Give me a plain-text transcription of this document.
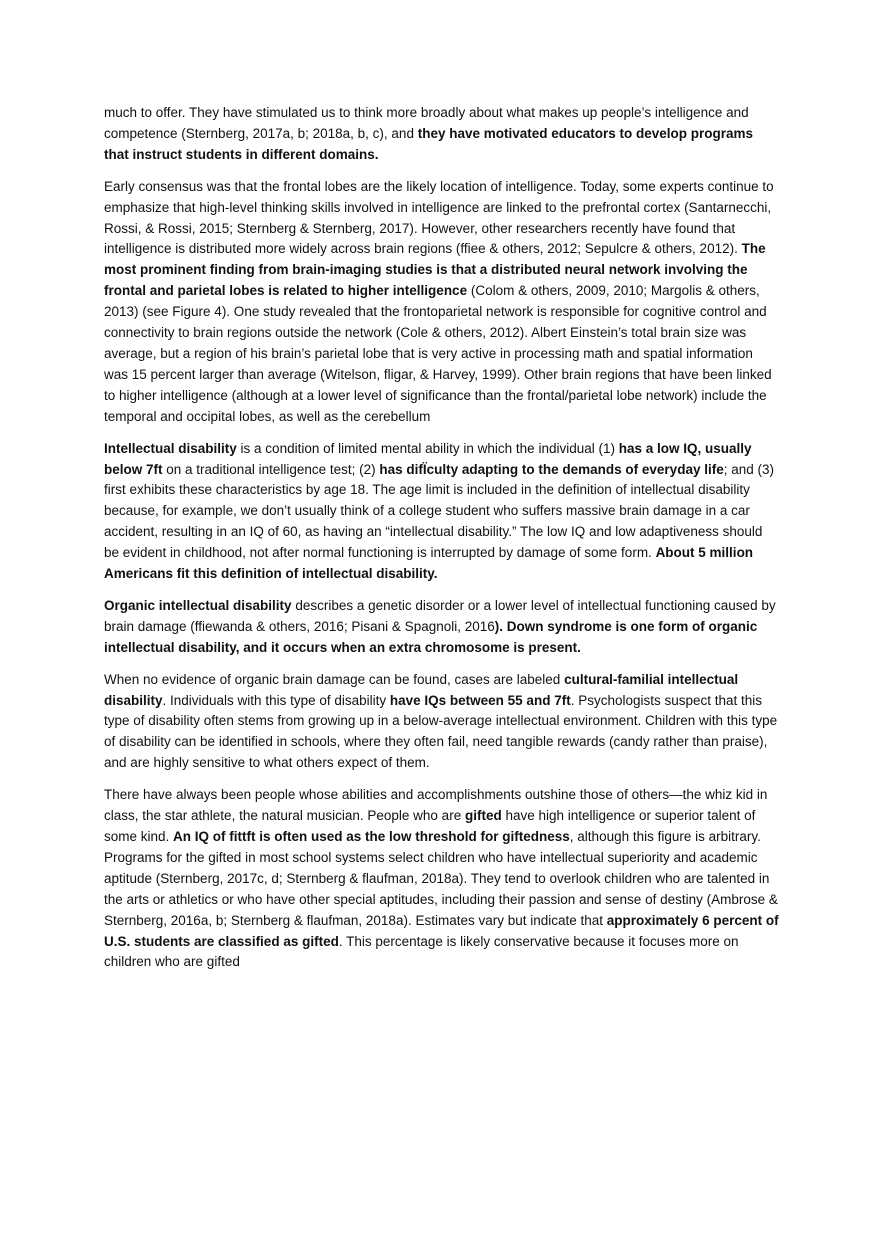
much to offer. They have stimulated us to think more broadly about what makes up people’s intelligence and competence (Sternberg, 2017a, b; 2018a, b, c), and they have motivated educators to develop programs that instruct students in different domains.

Early consensus was that the frontal lobes are the likely location of intelligence. Today, some experts continue to emphasize that high-level thinking skills involved in intelligence are linked to the prefrontal cortex (Santarnecchi, Rossi, & Rossi, 2015; Sternberg & Sternberg, 2017). However, other researchers recently have found that intelligence is distributed more widely across brain regions (ffiee & others, 2012; Sepulcre & others, 2012). The most prominent finding from brain-imaging studies is that a distributed neural network involving the frontal and parietal lobes is related to higher intelligence (Colom & others, 2009, 2010; Margolis & others, 2013) (see Figure 4). One study revealed that the frontoparietal network is responsible for cognitive control and connectivity to brain regions outside the network (Cole & others, 2012). Albert Einstein’s total brain size was average, but a region of his brain’s parietal lobe that is very active in processing math and spatial information was 15 percent larger than average (Witelson, fligar, & Harvey, 1999). Other brain regions that have been linked to higher intelligence (although at a lower level of significance than the frontal/parietal lobe network) include the temporal and occipital lobes, as well as the cerebellum

Intellectual disability is a condition of limited mental ability in which the individual (1) has a low IQ, usually below 7ft on a traditional intelligence test; (2) has difÏculty adapting to the demands of everyday life; and (3) first exhibits these characteristics by age 18. The age limit is included in the definition of intellectual disability because, for example, we don’t usually think of a college student who suffers massive brain damage in a car accident, resulting in an IQ of 60, as having an “intellectual disability.” The low IQ and low adaptiveness should be evident in childhood, not after normal functioning is interrupted by damage of some form. About 5 million Americans fit this definition of intellectual disability.

Organic intellectual disability describes a genetic disorder or a lower level of intellectual functioning caused by brain damage (ffiewanda & others, 2016; Pisani & Spagnoli, 2016). Down syndrome is one form of organic intellectual disability, and it occurs when an extra chromosome is present.

When no evidence of organic brain damage can be found, cases are labeled cultural-familial intellectual disability. Individuals with this type of disability have IQs between 55 and 7ft. Psychologists suspect that this type of disability often stems from growing up in a below-average intellectual environment. Children with this type of disability can be identified in schools, where they often fail, need tangible rewards (candy rather than praise), and are highly sensitive to what others expect of them.

There have always been people whose abilities and accomplishments outshine those of others—the whiz kid in class, the star athlete, the natural musician. People who are gifted have high intelligence or superior talent of some kind. An IQ of fittft is often used as the low threshold for giftedness, although this figure is arbitrary. Programs for the gifted in most school systems select children who have intellectual superiority and academic aptitude (Sternberg, 2017c, d; Sternberg & flaufman, 2018a). They tend to overlook children who are talented in the arts or athletics or who have other special aptitudes, including their passion and sense of destiny (Ambrose & Sternberg, 2016a, b; Sternberg & flaufman, 2018a). Estimates vary but indicate that approximately 6 percent of U.S. students are classified as gifted. This percentage is likely conservative because it focuses more on children who are gifted
